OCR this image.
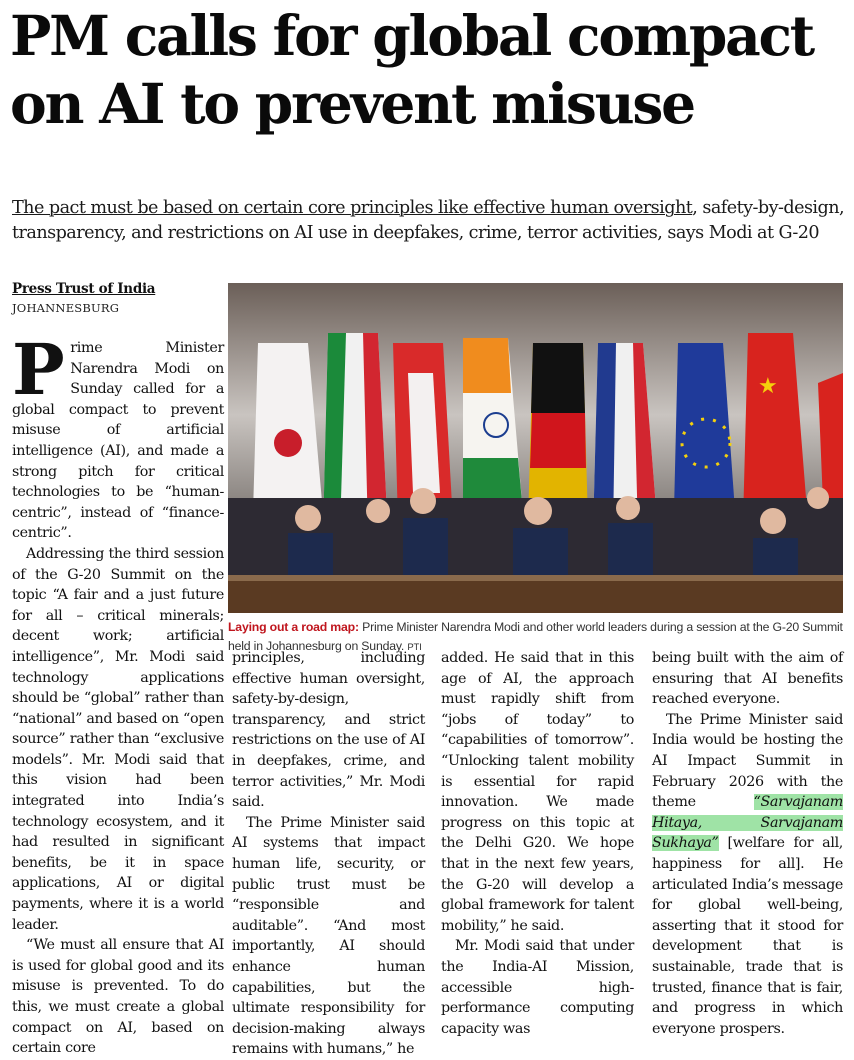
PM calls for global compact on AI to prevent misuse
The pact must be based on certain core principles like effective human oversight, safety-by-design, transparency, and restrictions on AI use in deepfakes, crime, terror activities, says Modi at G-20
Press Trust of India
JOHANNESBURG
★
Laying out a road map: Prime Minister Narendra Modi and other world leaders during a session at the G-20 Summit held in Johannesburg on Sunday. PTI
P rime Minister Narendra Modi on Sunday called for a global compact to prevent misuse of artificial intelligence (AI), and made a strong pitch for critical technologies to be “human-centric”, instead of “finance-centric”.

Addressing the third session of the G-20 Summit on the topic “A fair and a just future for all – critical minerals; decent work; artificial intelligence”, Mr. Modi said technology applications should be “global” rather than “national” and based on “open source” rather than “exclusive models”. Mr. Modi said that this vision had been integrated into India’s technology ecosystem, and it had resulted in significant benefits, be it in space applications, AI or digital payments, where it is a world leader.

“We must all ensure that AI is used for global good and its misuse is prevented. To do this, we must create a global compact on AI, based on certain core

principles, including effective human oversight, safety-by-design, transparency, and strict restrictions on the use of AI in deepfakes, crime, and terror activities,” Mr. Modi said.

The Prime Minister said AI systems that impact human life, security, or public trust must be “responsible and auditable”. “And most importantly, AI should enhance human capabilities, but the ultimate responsibility for decision-making always remains with humans,” he

added. He said that in this age of AI, the approach must rapidly shift from “jobs of today” to “capabilities of tomorrow”. “Unlocking talent mobility is essential for rapid innovation. We made progress on this topic at the Delhi G20. We hope that in the next few years, the G-20 will develop a global framework for talent mobility,” he said.

Mr. Modi said that under the India-AI Mission, accessible high-performance computing capacity was

being built with the aim of ensuring that AI benefits reached everyone.

The Prime Minister said India would be hosting the AI Impact Summit in February 2026 with the theme “Sarvajanam Hitaya, Sarvajanam Sukhaya” [welfare for all, happiness for all]. He articulated India’s message for global well-being, asserting that it stood for development that is sustainable, trade that is trusted, finance that is fair, and progress in which everyone prospers.
